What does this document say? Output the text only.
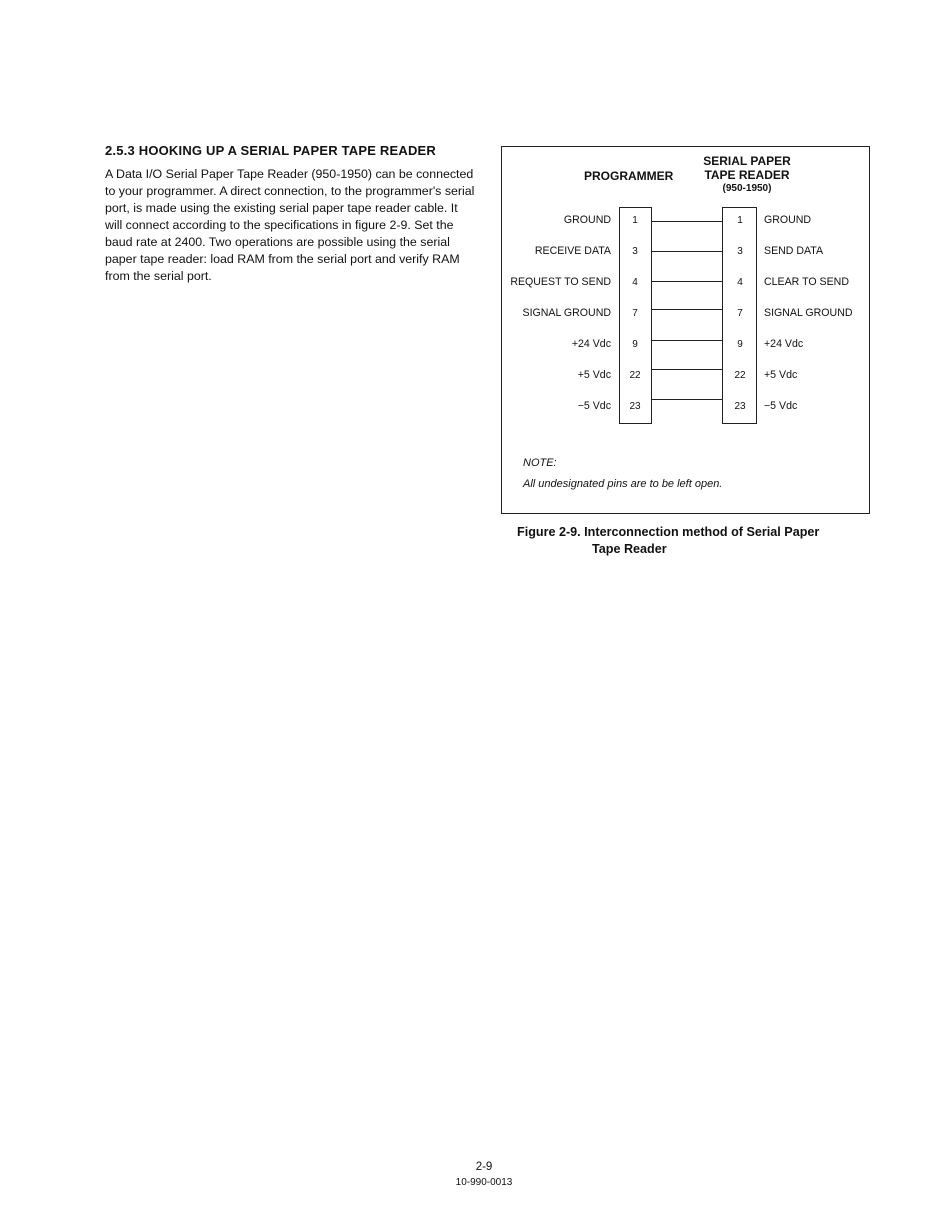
2.5.3 HOOKING UP A SERIAL PAPER TAPE READER

A Data I/O Serial Paper Tape Reader (950-1950) can be connected to your programmer. A direct connection, to the programmer's serial port, is made using the existing serial paper tape reader cable. It will connect according to the specifications in figure 2-9. Set the baud rate at 2400. Two operations are possible using the serial paper tape reader: load RAM from the serial port and verify RAM from the serial port.

PROGRAMMER
SERIAL PAPER
TAPE READER
(950-1950)
GROUND	1	1	GROUND
RECEIVE DATA	3	3	SEND DATA
REQUEST TO SEND	4	4	CLEAR TO SEND
SIGNAL GROUND	7	7	SIGNAL GROUND
+24 Vdc	9	9	+24 Vdc
+5 Vdc	22	22	+5 Vdc
−5 Vdc	23	23	−5 Vdc
NOTE:
All undesignated pins are to be left open.
Figure 2-9. Interconnection method of Serial Paper
Tape Reader
2-9
10-990-0013
